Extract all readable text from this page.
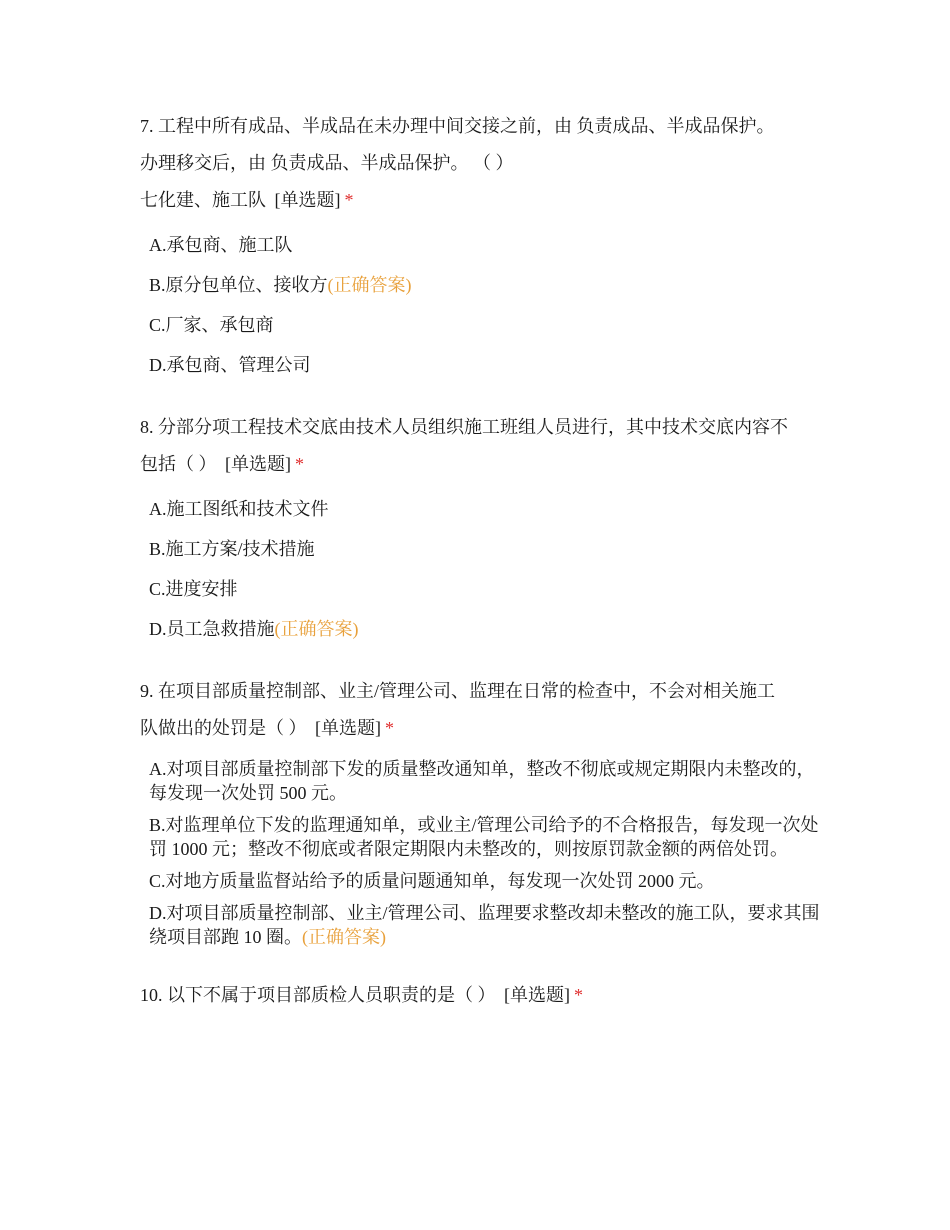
7. 工程中所有成品、半成品在未办理中间交接之前，由 负责成品、半成品保护。
办理移交后，由 负责成品、半成品保护。 （ ）
七化建、施工队 [单选题] *
A.承包商、施工队
B.原分包单位、接收方(正确答案)
C.厂家、承包商
D.承包商、管理公司
8. 分部分项工程技术交底由技术人员组织施工班组人员进行，其中技术交底内容不
包括（ ） [单选题] *
A.施工图纸和技术文件
B.施工方案/技术措施
C.进度安排
D.员工急救措施(正确答案)
9. 在项目部质量控制部、业主/管理公司、监理在日常的检查中，不会对相关施工
队做出的处罚是（ ） [单选题] *
A.对项目部质量控制部下发的质量整改通知单，整改不彻底或规定期限内未整改的，每发现一次处罚 500 元。
B.对监理单位下发的监理通知单，或业主/管理公司给予的不合格报告，每发现一次处罚 1000 元；整改不彻底或者限定期限内未整改的，则按原罚款金额的两倍处罚。
C.对地方质量监督站给予的质量问题通知单，每发现一次处罚 2000 元。
D.对项目部质量控制部、业主/管理公司、监理要求整改却未整改的施工队，要求其围绕项目部跑 10 圈。(正确答案)
10. 以下不属于项目部质检人员职责的是（ ） [单选题] *
